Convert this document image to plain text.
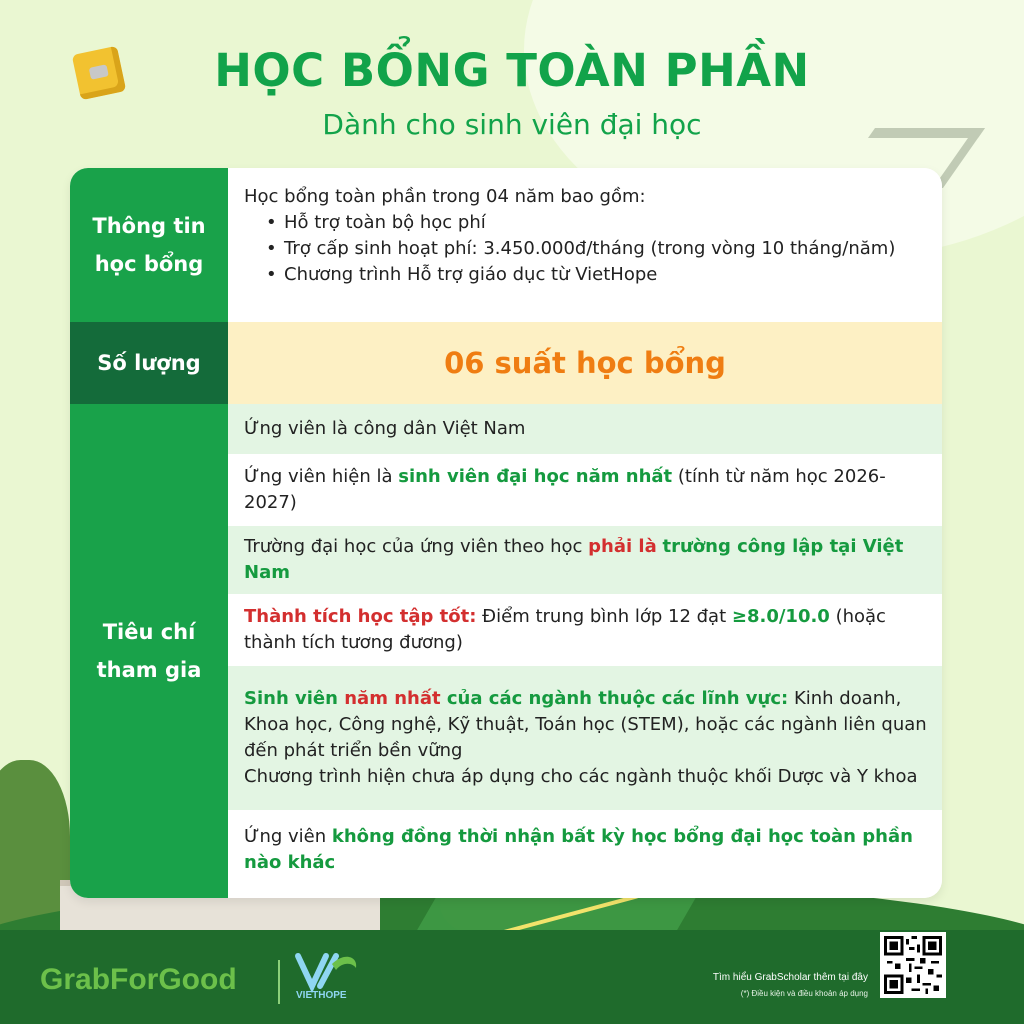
HỌC BỔNG TOÀN PHẦN
Dành cho sinh viên đại học
Thông tin học bổng

Học bổng toàn phần trong 04 năm bao gồm:

• Hỗ trợ toàn bộ học phí
• Trợ cấp sinh hoạt phí: 3.450.000đ/tháng (trong vòng 10 tháng/năm)
• Chương trình Hỗ trợ giáo dục từ VietHope
Số lượng	06 suất học bổng
Tiêu chí tham gia

Ứng viên là công dân Việt Nam

Ứng viên hiện là sinh viên đại học năm nhất (tính từ năm học 2026-2027)

Trường đại học của ứng viên theo học phải là trường công lập tại Việt Nam

Thành tích học tập tốt: Điểm trung bình lớp 12 đạt ≥8.0/10.0 (hoặc thành tích tương đương)

Sinh viên năm nhất của các ngành thuộc các lĩnh vực: Kinh doanh, Khoa học, Công nghệ, Kỹ thuật, Toán học (STEM), hoặc các ngành liên quan đến phát triển bền vững
Chương trình hiện chưa áp dụng cho các ngành thuộc khối Dược và Y khoa

Ứng viên không đồng thời nhận bất kỳ học bổng đại học toàn phần nào khác

GrabForGood	VIETHOPE
Tìm hiểu GrabScholar thêm tại đây
(*) Điều kiện và điều khoản áp dụng
